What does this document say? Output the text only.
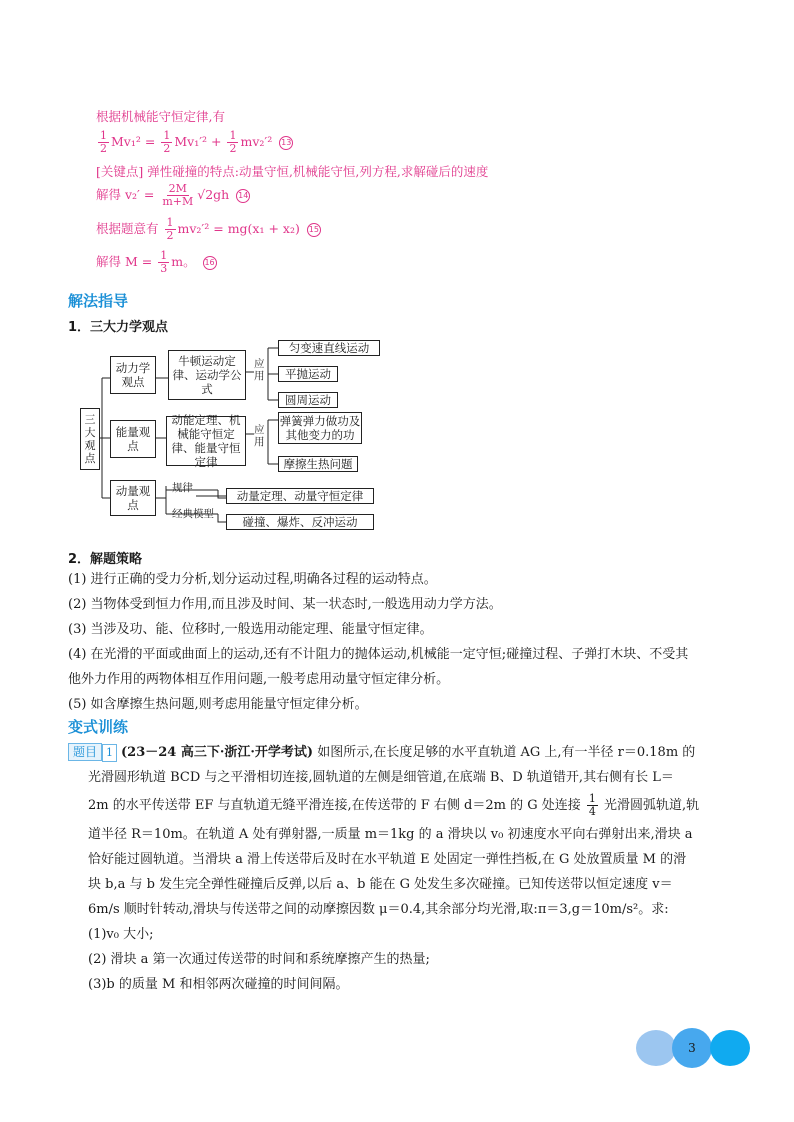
根据机械能守恒定律,有
$\frac{1}{2} Mv_1^2 = \frac{1}{2} Mv_1'^2 + \frac{1}{2} mv_2'^2$ 13
[关键点] 弹性碰撞的特点:动量守恒,机械能守恒,列方程,求解碰后的速度
解得 $v_2' = \frac{2M}{m+M} √2gh$ 14
根据题意有 $\frac{1}{2} mv_2'^2 = mg(x_1 + x_2)$ 15
解得 $M = \frac{1}{3}$ m。 16
解法指导
1．三大力学观点
三大观点
动力学观点
牛顿运动定律、运动学公式
应用
匀变速直线运动
平抛运动
圆周运动
能量观点
动能定理、机械能守恒定律、能量守恒定律
应用
弹簧弹力做功及其他变力的功
摩擦生热问题
动量观点
规律
经典模型
动量定理、动量守恒定律
碰撞、爆炸、反冲运动
2．解题策略
(1) 进行正确的受力分析,划分运动过程,明确各过程的运动特点。
(2) 当物体受到恒力作用,而且涉及时间、某一状态时,一般选用动力学方法。
(3) 当涉及功、能、位移时,一般选用动能定理、能量守恒定律。
(4) 在光滑的平面或曲面上的运动,还有不计阻力的抛体运动,机械能一定守恒;碰撞过程、子弹打木块、不受其
他外力作用的两物体相互作用问题,一般考虑用动量守恒定律分析。
(5) 如含摩擦生热问题,则考虑用能量守恒定律分析。
变式训练
题目 1 (23－24 高三下·浙江·开学考试) 如图所示,在长度足够的水平直轨道 AG 上,有一半径 r＝0.18m 的
光滑圆形轨道 BCD 与之平滑相切连接,圆轨道的左侧是细管道,在底端 B、D 轨道错开,其右侧有长 L＝
2m 的水平传送带 EF 与直轨道无缝平滑连接,在传送带的 F 右侧 d＝2m 的 G 处连接 $\frac{1}{4}$ 光滑圆弧轨道,轨
道半径 R＝10m。在轨道 A 处有弹射器,一质量 m＝1kg 的 a 滑块以 v₀ 初速度水平向右弹射出来,滑块 a
恰好能过圆轨道。当滑块 a 滑上传送带后及时在水平轨道 E 处固定一弹性挡板,在 G 处放置质量 M 的滑
块 b,a 与 b 发生完全弹性碰撞后反弹,以后 a、b 能在 G 处发生多次碰撞。已知传送带以恒定速度 v＝
6m/s 顺时针转动,滑块与传送带之间的动摩擦因数 μ＝0.4,其余部分均光滑,取:π＝3,g＝10m/s²。求:
(1)v₀ 大小;
(2) 滑块 a 第一次通过传送带的时间和系统摩擦产生的热量;
(3)b 的质量 M 和相邻两次碰撞的时间间隔。
3
